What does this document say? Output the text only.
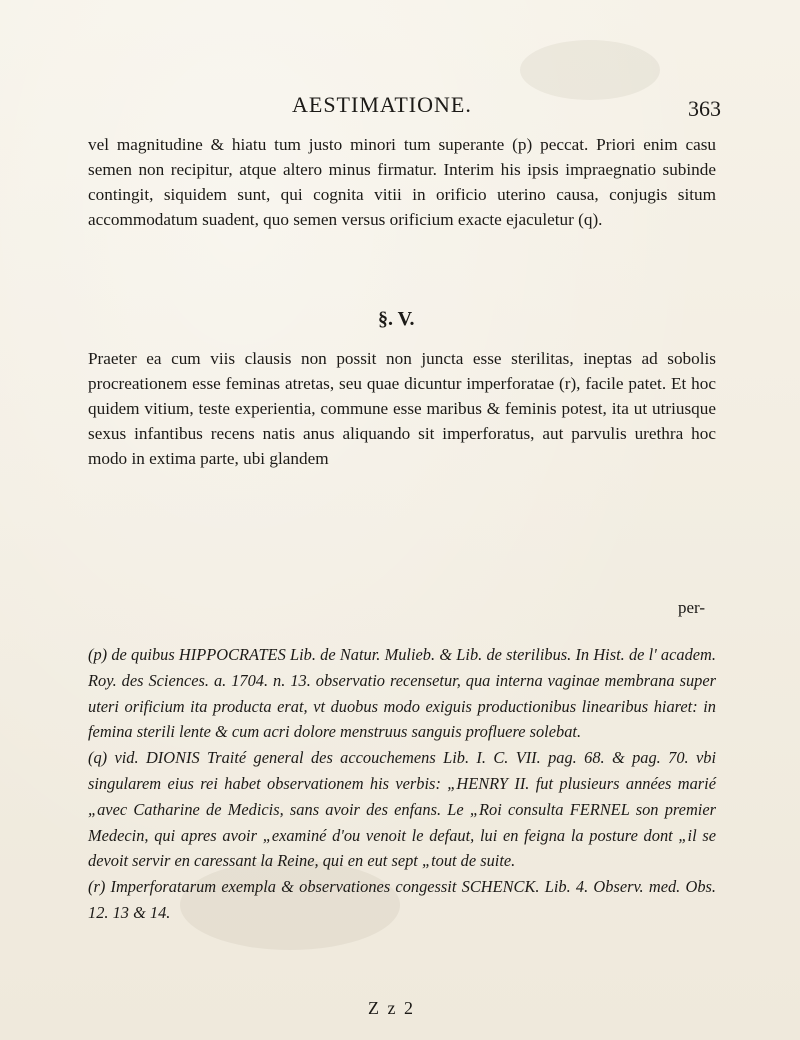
AESTIMATIONE.	363

vel magnitudine & hiatu tum justo minori tum superante (p) peccat. Priori enim casu semen non recipitur, atque altero minus firmatur. Interim his ipsis impraegnatio subinde contingit, siquidem sunt, qui cognita vitii in orificio uterino causa, conjugis situm accommodatum suadent, quo semen versus orificium exacte ejaculetur (q).

§. V.

Praeter ea cum viis clausis non possit non juncta esse sterilitas, ineptas ad sobolis procreationem esse feminas atretas, seu quae dicuntur imperforatae (r), facile patet. Et hoc quidem vitium, teste experientia, commune esse maribus & feminis potest, ita ut utriusque sexus infantibus recens natis anus aliquando sit imperforatus, aut parvulis urethra hoc modo in extima parte, ubi glandem

per-

(p) de quibus HIPPOCRATES Lib. de Natur. Mulieb. & Lib. de sterilibus. In Hist. de l' academ. Roy. des Sciences. a. 1704. n. 13. observatio recensetur, qua interna vaginae membrana super uteri orificium ita producta erat, vt duobus modo exiguis productionibus linearibus hiaret: in femina sterili lente & cum acri dolore menstruus sanguis profluere solebat.

(q) vid. DIONIS Traité general des accouchemens Lib. I. C. VII. pag. 68. & pag. 70. vbi singularem eius rei habet observationem his verbis: „HENRY II. fut plusieurs années marié „avec Catharine de Medicis, sans avoir des enfans. Le „Roi consulta FERNEL son premier Medecin, qui apres avoir „examiné d'ou venoit le defaut, lui en feigna la posture dont „il se devoit servir en caressant la Reine, qui en eut sept „tout de suite.

(r) Imperforatarum exempla & observationes congessit SCHENCK. Lib. 4. Observ. med. Obs. 12. 13 & 14.

Z z 2
